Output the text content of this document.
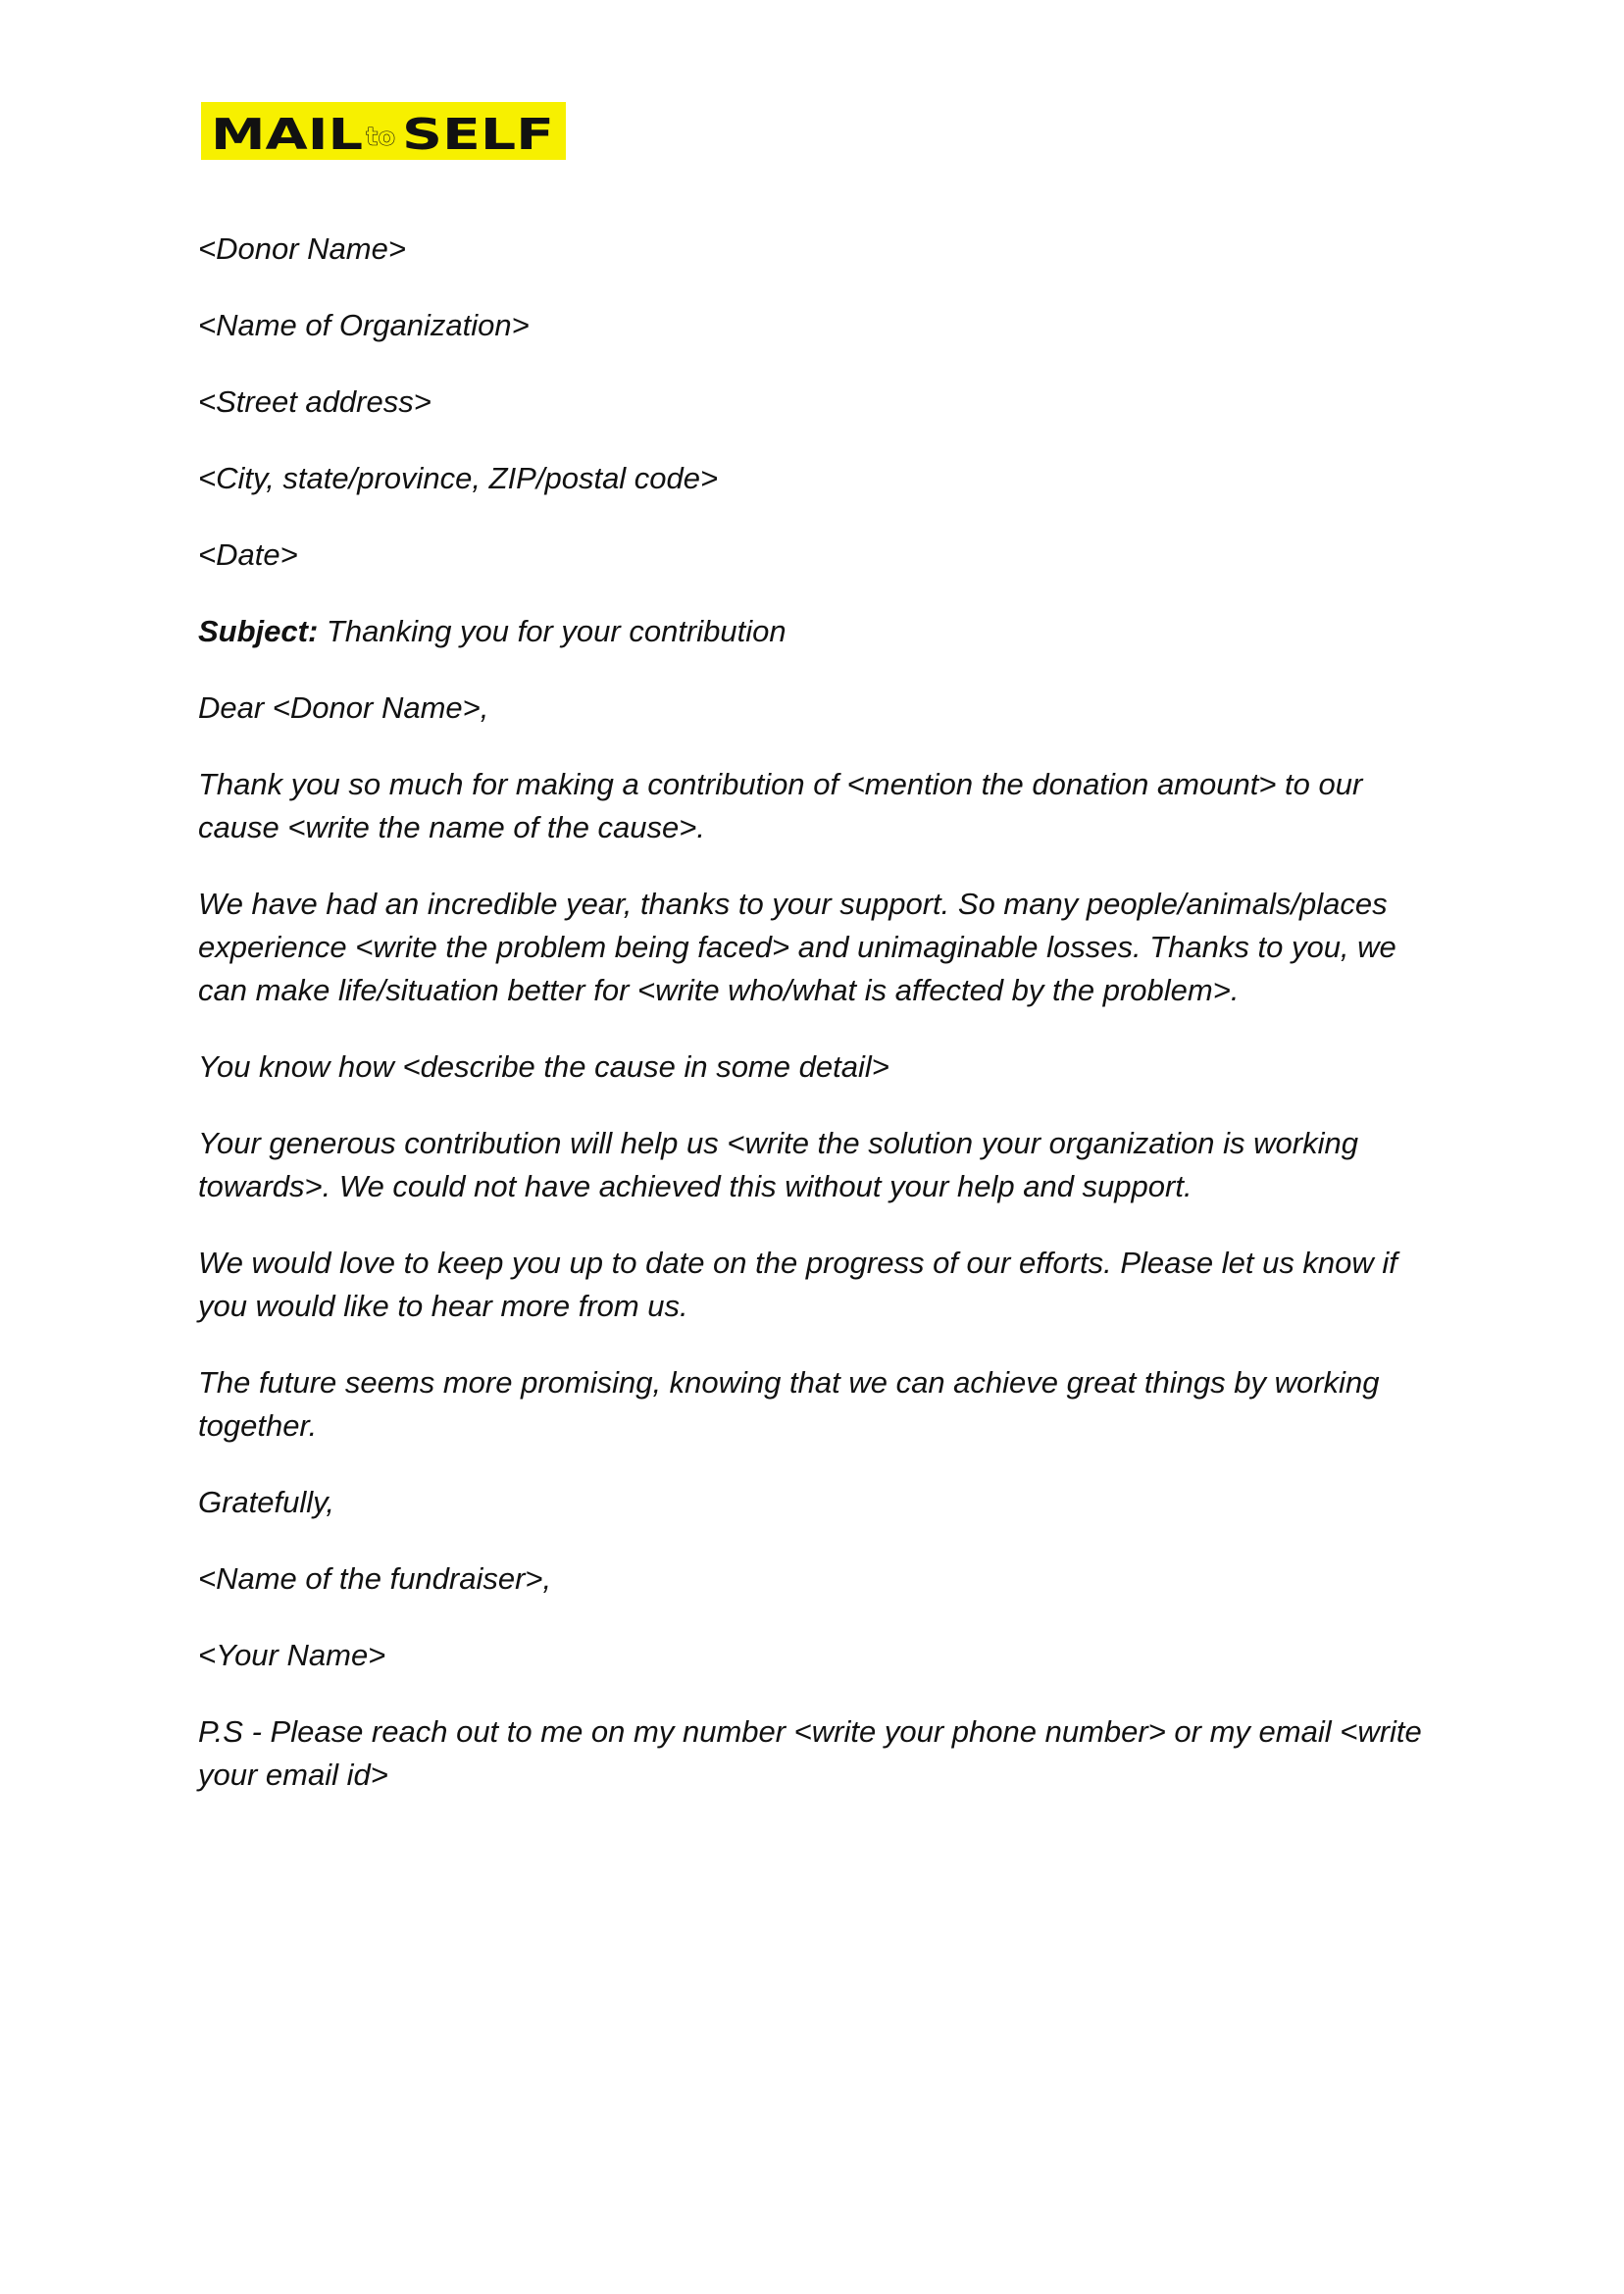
MAIL to SELF

<Donor Name>

<Name of Organization>

<Street address>

<City, state/province, ZIP/postal code>

<Date>

Subject: Thanking you for your contribution

Dear <Donor Name>,

Thank you so much for making a contribution of <mention the donation amount> to our cause <write the name of the cause>.

We have had an incredible year, thanks to your support. So many people/animals/places experience <write the problem being faced> and unimaginable losses. Thanks to you, we can make life/situation better for <write who/what is affected by the problem>.

You know how <describe the cause in some detail>

Your generous contribution will help us <write the solution your organization is working towards>. We could not have achieved this without your help and support.

We would love to keep you up to date on the progress of our efforts. Please let us know if you would like to hear more from us.

The future seems more promising, knowing that we can achieve great things by working together.

Gratefully,

<Name of the fundraiser>,

<Your Name>

P.S - Please reach out to me on my number <write your phone number> or my email <write your email id>
